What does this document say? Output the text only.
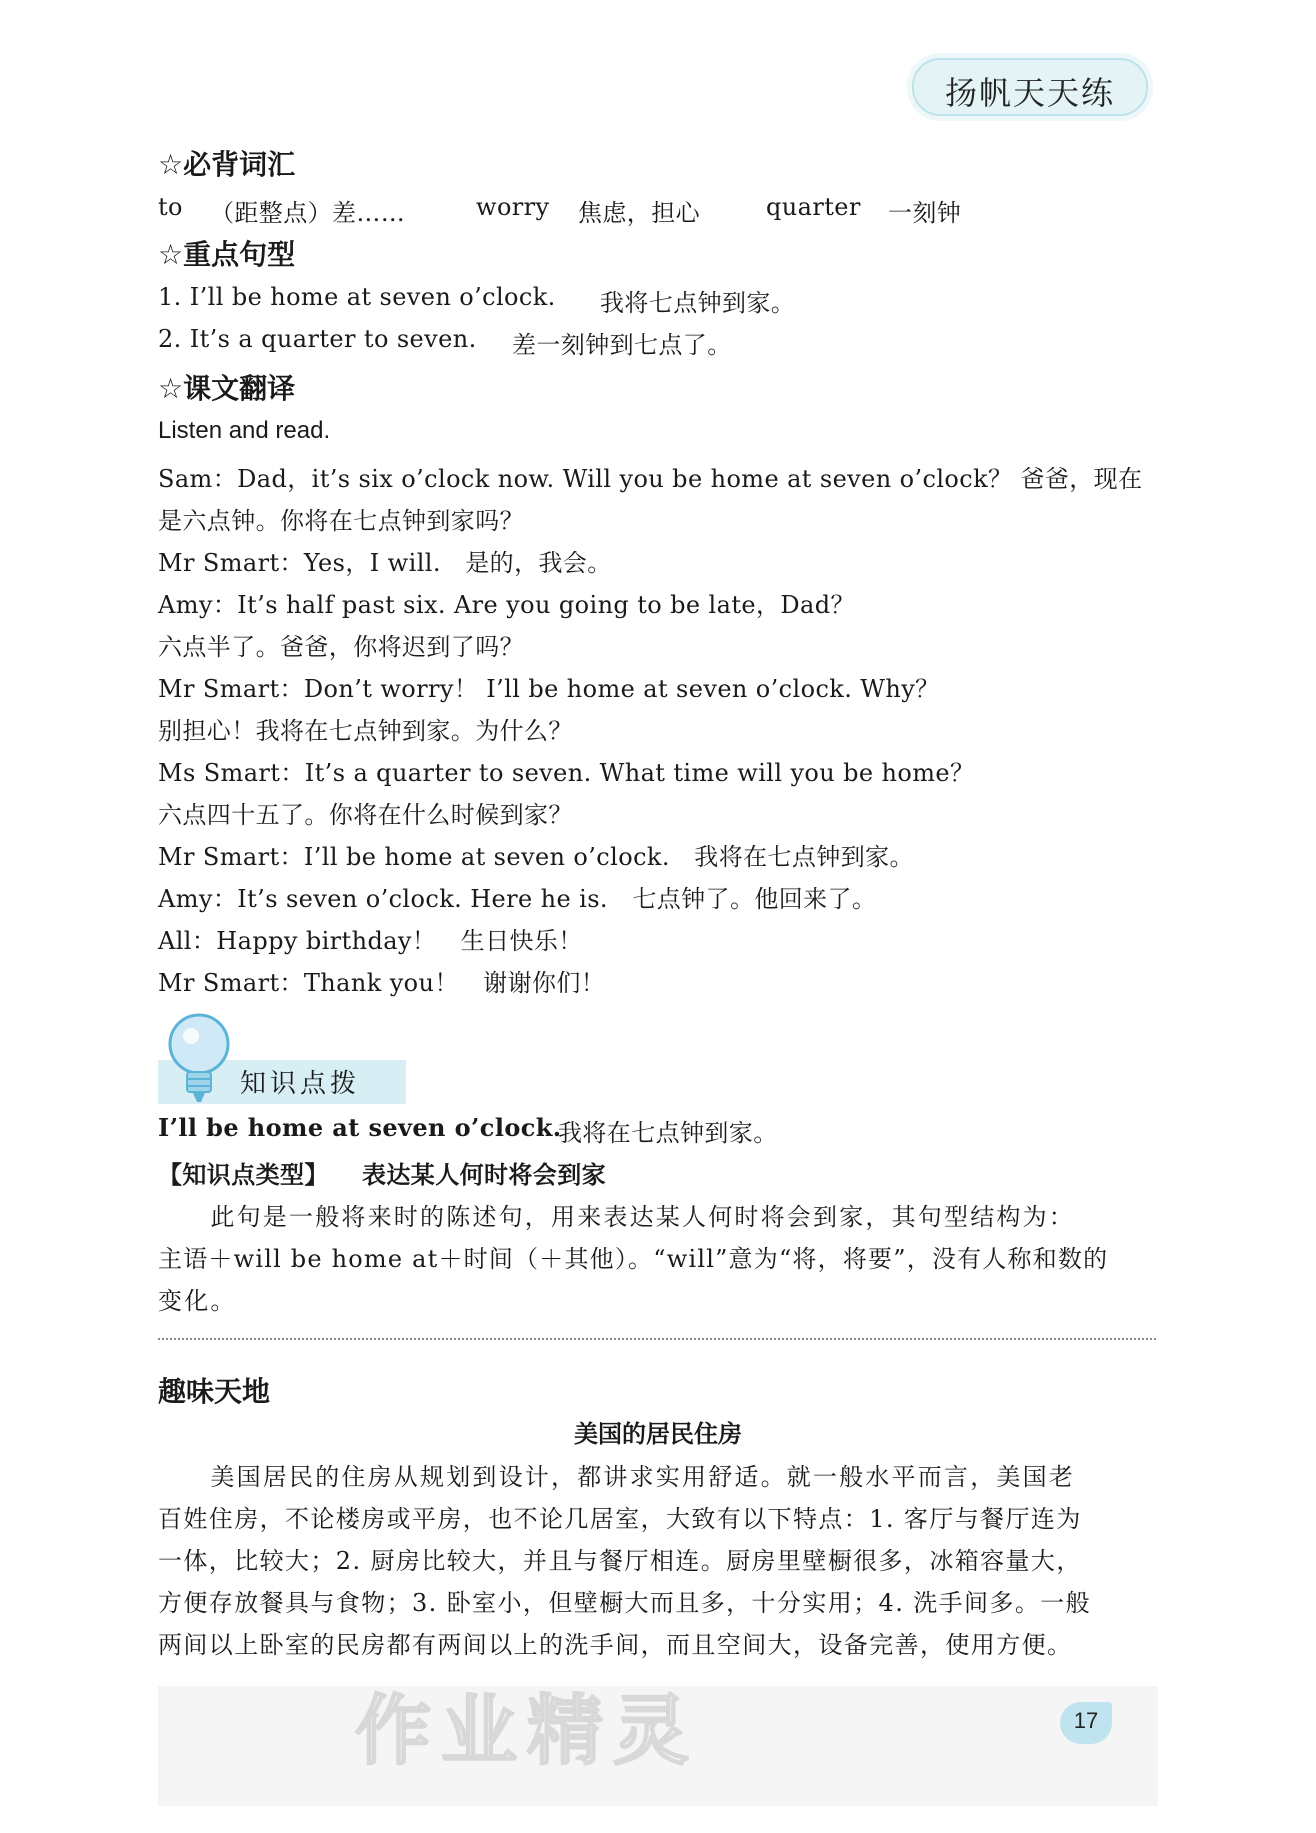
扬帆天天练
☆必背词汇
to （距整点）差……	worry 焦虑，担心	quarter 一刻钟
☆重点句型
1. I’ll be home at seven o’clock. 我将七点钟到家。
2. It’s a quarter to seven. 差一刻钟到七点了。
☆课文翻译
Listen and read.
Sam：Dad，it’s six o’clock now. Will you be home at seven o’clock？ 爸爸，现在
是六点钟。你将在七点钟到家吗？
Mr Smart：Yes，I will.　是的，我会。
Amy：It’s half past six. Are you going to be late，Dad？
六点半了。爸爸，你将迟到了吗？
Mr Smart：Don’t worry！ I’ll be home at seven o’clock. Why？
别担心！我将在七点钟到家。为什么？
Ms Smart：It’s a quarter to seven. What time will you be home？
六点四十五了。你将在什么时候到家？
Mr Smart：I’ll be home at seven o’clock.　我将在七点钟到家。
Amy：It’s seven o’clock. Here he is.　七点钟了。他回来了。
All：Happy birthday！　生日快乐！
Mr Smart：Thank you！　谢谢你们！
知识点拨
I’ll be home at seven o’clock.
我将在七点钟到家。
【知识点类型】 表达某人何时将会到家
　　此句是一般将来时的陈述句，用来表达某人何时将会到家，其句型结构为：
主语＋will be home at＋时间（＋其他）。“will”意为“将，将要”，没有人称和数的
变化。
趣味天地
美国的居民住房
　　美国居民的住房从规划到设计，都讲求实用舒适。就一般水平而言，美国老
百姓住房，不论楼房或平房，也不论几居室，大致有以下特点：1. 客厅与餐厅连为
一体，比较大；2. 厨房比较大，并且与餐厅相连。厨房里壁橱很多，冰箱容量大，
方便存放餐具与食物；3. 卧室小，但壁橱大而且多，十分实用；4. 洗手间多。一般
两间以上卧室的民房都有两间以上的洗手间，而且空间大，设备完善，使用方便。
作业精灵	17
